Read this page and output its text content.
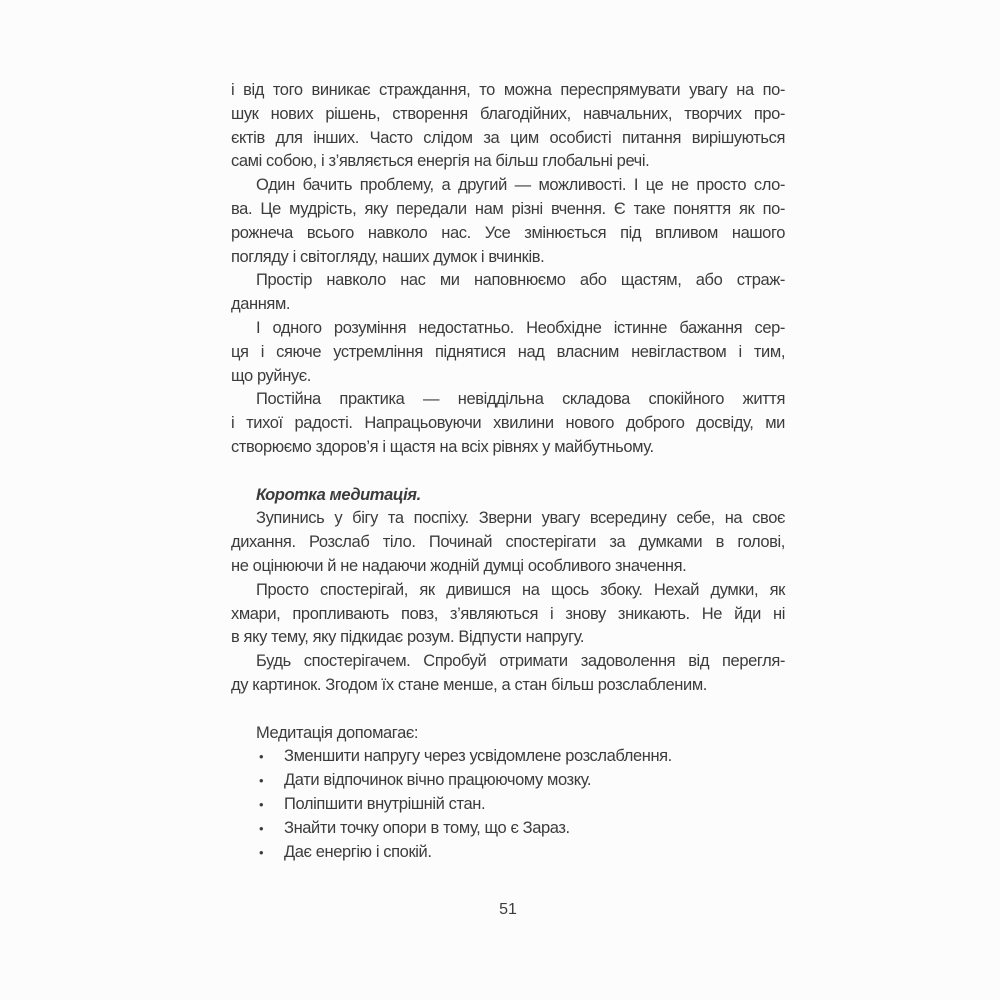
і від того виникає страждання, то можна переспрямувати увагу на по-
шук нових рішень, створення благодійних, навчальних, творчих про-
єктів для інших. Часто слідом за цим особисті питання вирішуються
самі собою, і з’являється енергія на більш глобальні речі.
Один бачить проблему, а другий — можливості. І це не просто сло-
ва. Це мудрість, яку передали нам різні вчення. Є таке поняття як по-
рожнеча всього навколо нас. Усе змінюється під впливом нашого
погляду і світогляду, наших думок і вчинків.
Простір навколо нас ми наповнюємо або щастям, або страж-
данням.
І одного розуміння недостатньо. Необхідне істинне бажання сер-
ця і сяюче устремління піднятися над власним невіглаством і тим,
що руйнує.
Постійна практика — невіддільна складова спокійного життя
і тихої радості. Напрацьовуючи хвилини нового доброго досвіду, ми
створюємо здоров’я і щастя на всіх рівнях у майбутньому.

Коротка медитація.

Зупинись у бігу та поспіху. Зверни увагу всередину себе, на своє
дихання. Розслаб тіло. Починай спостерігати за думками в голові,
не оцінюючи й не надаючи жодній думці особливого значення.
Просто спостерігай, як дивишся на щось збоку. Нехай думки, як
хмари, пропливають повз, з’являються і знову зникають. Не йди ні
в яку тему, яку підкидає розум. Відпусти напругу.
Будь спостерігачем. Спробуй отримати задоволення від перегля-
ду картинок. Згодом їх стане менше, а стан більш розслабленим.
Медитація допомагає:
•	Зменшити напругу через усвідомлене розслаблення.
•	Дати відпочинок вічно працюючому мозку.
•	Поліпшити внутрішній стан.
•	Знайти точку опори в тому, що є Зараз.
•	Дає енергію і спокій.
51
